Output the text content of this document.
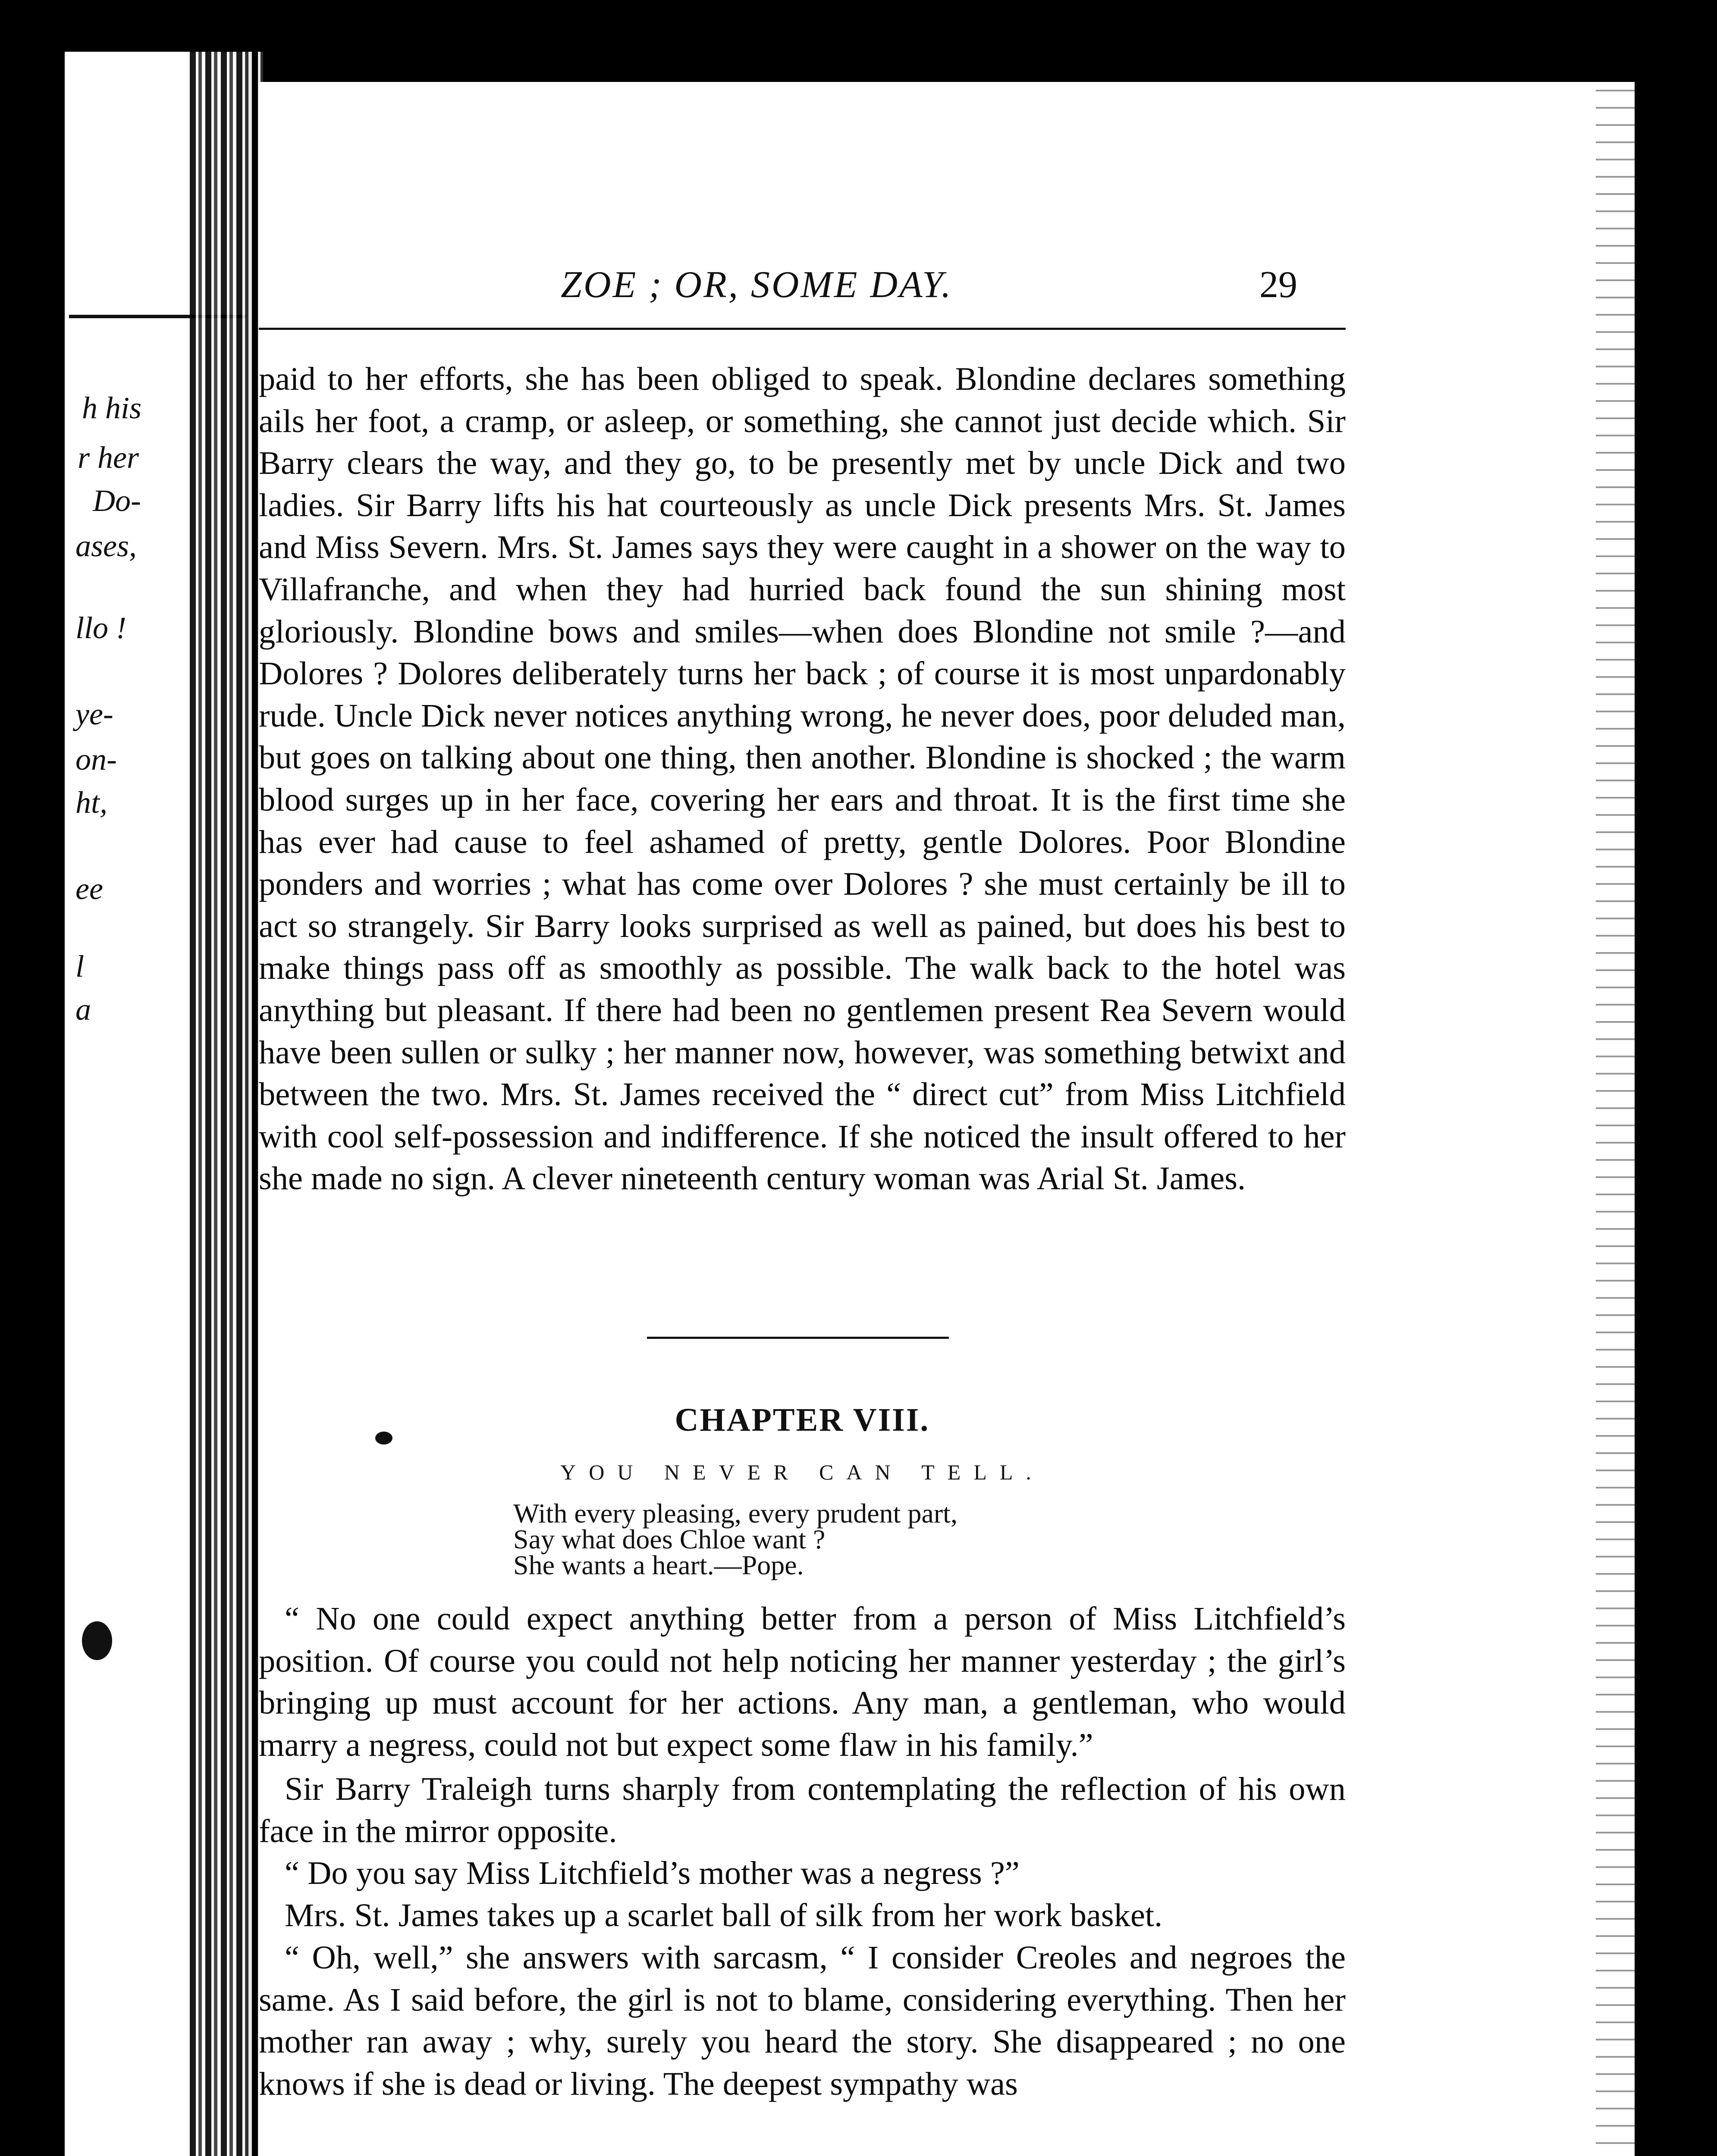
h his
r her
Do-
ases,
llo !
ye-
on-
ht,
ee
l
a
ZOE ; OR, SOME DAY.	29

paid to her efforts, she has been obliged to speak. Blondine declares something ails her foot, a cramp, or asleep, or something, she cannot just decide which. Sir Barry clears the way, and they go, to be presently met by uncle Dick and two ladies. Sir Barry lifts his hat courteously as uncle Dick presents Mrs. St. James and Miss Severn. Mrs. St. James says they were caught in a shower on the way to Villafranche, and when they had hurried back found the sun shining most gloriously. Blondine bows and smiles—when does Blondine not smile ?—and Dolores ? Dolores deliberately turns her back ; of course it is most unpardonably rude. Uncle Dick never notices anything wrong, he never does, poor deluded man, but goes on talking about one thing, then another. Blondine is shocked ; the warm blood surges up in her face, covering her ears and throat. It is the first time she has ever had cause to feel ashamed of pretty, gentle Dolores. Poor Blondine ponders and worries ; what has come over Dolores ? she must certainly be ill to act so strangely. Sir Barry looks surprised as well as pained, but does his best to make things pass off as smoothly as possible. The walk back to the hotel was anything but pleasant. If there had been no gentlemen present Rea Severn would have been sullen or sulky ; her manner now, however, was something betwixt and between the two. Mrs. St. James received the “ direct cut” from Miss Litchfield with cool self-possession and indifference. If she noticed the insult offered to her she made no sign. A clever nineteenth century woman was Arial St. James.

CHAPTER VIII.
YOU NEVER CAN TELL.
With every pleasing, every prudent part,
Say what does Chloe want ?
She wants a heart.—Pope.

“ No one could expect anything better from a person of Miss Litchfield’s position. Of course you could not help noticing her manner yesterday ; the girl’s bringing up must account for her actions. Any man, a gentleman, who would marry a negress, could not but expect some flaw in his family.”

Sir Barry Traleigh turns sharply from contemplating the reflection of his own face in the mirror opposite.

“ Do you say Miss Litchfield’s mother was a negress ?”

Mrs. St. James takes up a scarlet ball of silk from her work basket.

“ Oh, well,” she answers with sarcasm, “ I consider Creoles and negroes the same. As I said before, the girl is not to blame, considering everything. Then her mother ran away ; why, surely you heard the story. She disappeared ; no one knows if she is dead or living. The deepest sympathy was
